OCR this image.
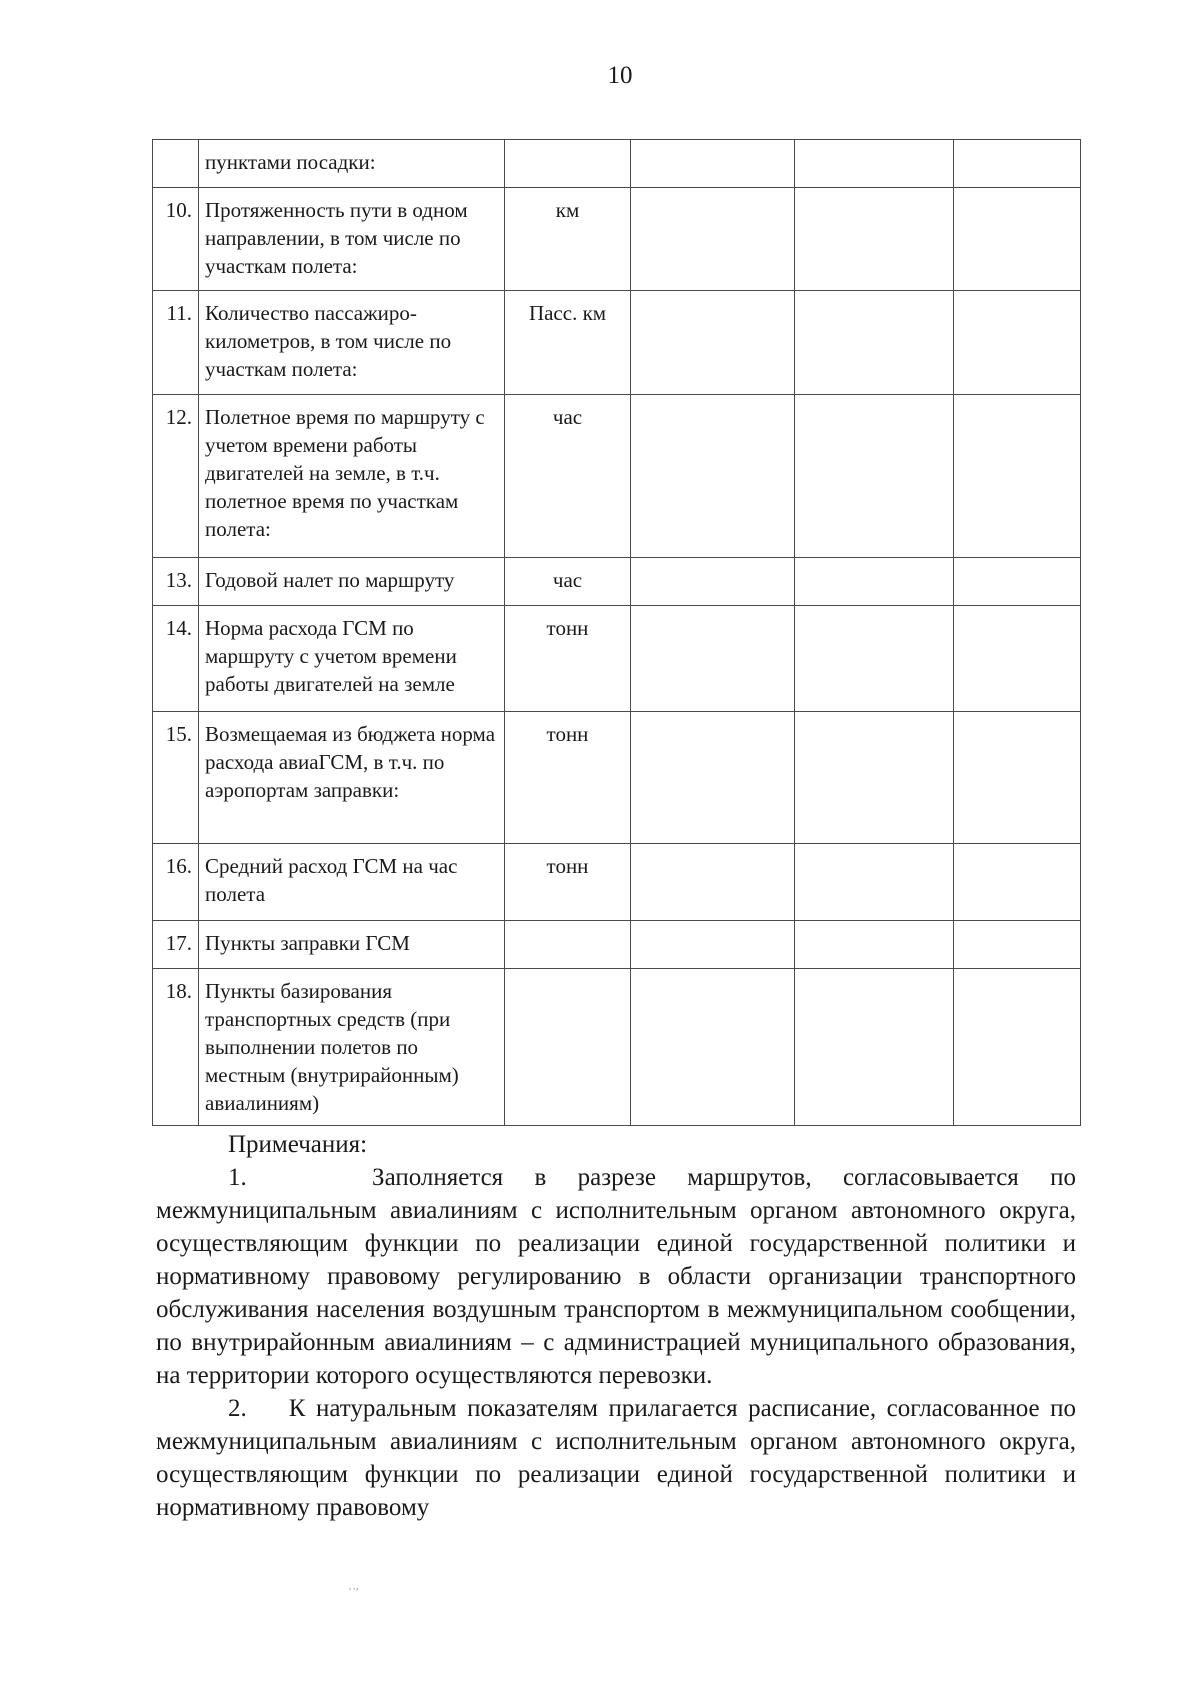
10
	пунктами посадки:				
10.	Протяженность пути в одном направлении, в том числе по участкам полета:	км			
11.	Количество пассажиро-километров, в том числе по участкам полета:	Пасс. км			
12.	Полетное время по маршруту с учетом времени работы двигателей на земле, в т.ч. полетное время по участкам полета:	час			
13.	Годовой налет по маршруту	час			
14.	Норма расхода ГСМ по маршруту с учетом времени работы двигателей на земле	тонн			
15.	Возмещаемая из бюджета норма расхода авиаГСМ, в т.ч. по аэропортам заправки:	тонн			
16.	Средний расход ГСМ на час полета	тонн			
17.	Пункты заправки ГСМ				
18.	Пункты базирования транспортных средств (при выполнении полетов по местным (внутрирайонным) авиалиниям)				
Примечания:

1.    Заполняется в разрезе маршрутов, согласовывается по межмуниципальным авиалиниям с исполнительным органом автономного округа, осуществляющим функции по реализации единой государственной политики и нормативному правовому регулированию в области организации транспортного обслуживания населения воздушным транспортом в межмуниципальном сообщении, по внутрирайонным авиалиниям – с администрацией муниципального образования, на территории которого осуществляются перевозки.

2.    К натуральным показателям прилагается расписание, согласованное по межмуниципальным авиалиниям с исполнительным органом автономного округа, осуществляющим функции по реализации единой государственной политики и нормативному правовому

ʿʾʹ
